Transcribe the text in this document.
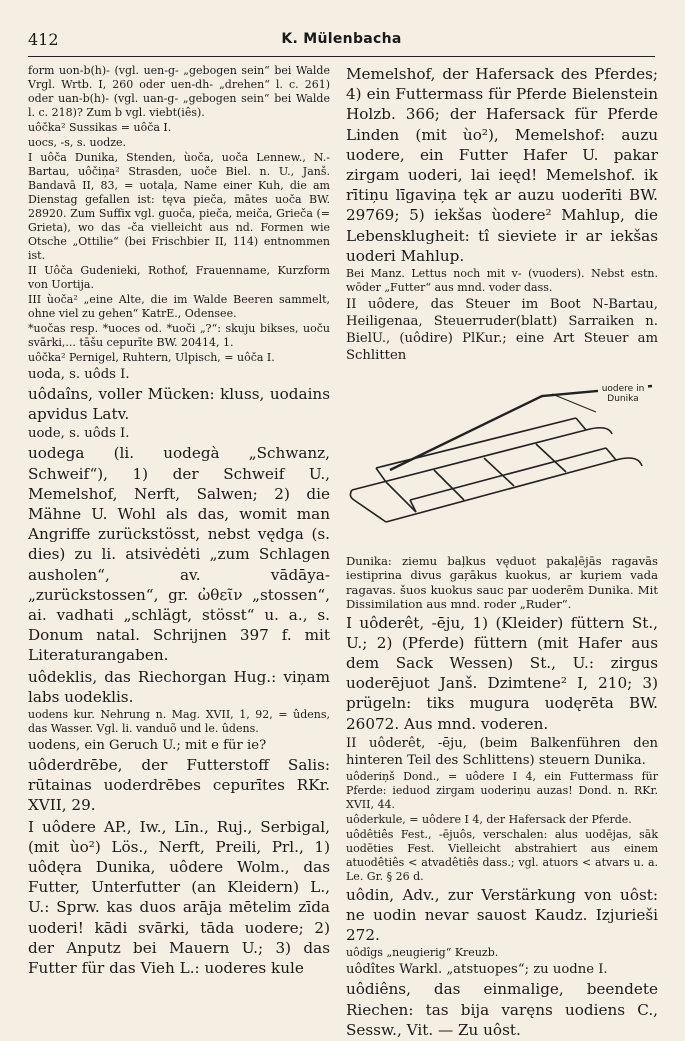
412	K. Mülenbacha

form uon-b(h)- (vgl. uen-g- „gebogen sein“ bei Walde Vrgl. Wrtb. I, 260 oder uen-dh- „drehen“ l. c. 261) oder uan-b(h)- (vgl. uan-g- „gebogen sein“ bei Walde l. c. 218)? Zum b vgl. viebt(iês).

uôčka² Sussikas = uôča I.

uocs, -s, s. uodze.

I uôča Dunika, Stenden, ùoča, uoča Lennew., N.-Bartau, uôčiņa² Strasden, uoče Biel. n. U., Janš. Bandavā II, 83, = uotaļa, Name einer Kuh, die am Dienstag gefallen ist: tęva pieča, mātes uoča BW. 28920. Zum Suffix vgl. guoča, pieča, meiča, Grieča (= Grieta), wo das -ča vielleicht aus nd. Formen wie Otsche „Ottilie“ (bei Frischbier II, 114) entnommen ist.

II Uôča Gudenieki, Rothof, Frauenname, Kurzform von Uortija.

III ùoča² „eine Alte, die im Walde Beeren sammelt, ohne viel zu gehen“ KatrE., Odensee.

*uočas resp. *uoces od. *uoči „?“: skuju bikses, uoču svārki,... tāšu cepurīte BW. 20414, 1.

uôčka² Pernigel, Ruhtern, Ulpisch, = uôča I.

uoda, s. uôds I.

uôdaîns, voller Mücken: kluss, uodains apvidus Latv.

uode, s. uôds I.

uodega (li. uodegà „Schwanz, Schweif“), 1) der Schweif U., Memelshof, Nerft, Salwen; 2) die Mähne U. Wohl als das, womit man Angriffe zurückstösst, nebst vędga (s. dies) zu li. atsivėdėti „zum Schlagen ausholen“, av. vādāya- „zurückstossen“, gr. ὠθεῖν „stossen“, ai. vadhati „schlägt, stösst“ u. a., s. Donum natal. Schrijnen 397 f. mit Literaturangaben.

uôdeklis, das Riechorgan Hug.: viņam labs uodeklis.

uodens kur. Nehrung n. Mag. XVII, 1, 92, = ûdens, das Wasser. Vgl. li. vanduõ und le. ûdens.

uodens, ein Geruch U.; mit e für ie?

uôderdrēbe, der Futterstoff Salis: rūtainas uoderdrēbes cepurītes RKr. XVII, 29.

I uôdere AP., Iw., Līn., Ruj., Serbigal, (mit ùo²) Lös., Nerft, Preili, Prl., 1) uôdęra Dunika, uôdere Wolm., das Futter, Unterfutter (an Kleidern) L., U.: Sprw. kas duos arāja mētelim zīda uoderi! kādi svārki, tāda uodere; 2) der Anputz bei Mauern U.; 3) das Futter für das Vieh L.: uoderes kule

Memelshof, der Hafersack des Pferdes; 4) ein Futtermass für Pferde Bielenstein Holzb. 366; der Hafersack für Pferde Linden (mit ùo²), Memelshof: auzu uodere, ein Futter Hafer U. pakar zirgam uoderi, lai ieęd! Memelshof. ik rītiņu līgaviņa tęk ar auzu uoderīti BW. 29769; 5) iekšas ùodere² Mahlup, die Lebensklugheit: tî sieviete ir ar iekšas uoderi Mahlup.

Bei Manz. Lettus noch mit v- (vuoders). Nebst estn. wōder „Futter“ aus mnd. voder dass.

II uôdere, das Steuer im Boot N-Bartau, Heiligenaa, Steuerruder(blatt) Sarraiken n. BielU., (uôdire) PlKur.; eine Art Steuer am Schlitten

uodere in
Dunika

Dunika: ziemu baļkus vęduot pakaļējās ragavās iestiprina divus gaŗākus kuokus, ar kuŗiem vada ragavas. šuos kuokus sauc par uoderēm Dunika. Mit Dissimilation aus mnd. roder „Ruder“.

I uôderêt, -ēju, 1) (Kleider) füttern St., U.; 2) (Pferde) füttern (mit Hafer aus dem Sack Wessen) St., U.: zirgus uoderējuot Janš. Dzimtene² I, 210; 3) prügeln: tiks mugura uodęrēta BW. 26072. Aus mnd. voderen.

II uôderêt, -ēju, (beim Balkenführen den hinteren Teil des Schlittens) steuern Dunika.

uôderiņš Dond., = uôdere I 4, ein Futtermass für Pferde: ieduod zirgam uoderiņu auzas! Dond. n. RKr. XVII, 44.

uôderkule, = uôdere I 4, der Hafersack der Pferde.

uôdêtiês Fest., -ējuôs, verschalen: alus uodējas, sāk uodēties Fest. Vielleicht abstrahiert aus einem atuodêtiês < atvadêtiês dass.; vgl. atuors < atvars u. a. Le. Gr. § 26 d.

uôdin, Adv., zur Verstärkung von uôst: ne uodin nevar sauost Kaudz. Izjurieši 272.

uôdîgs „neugierig“ Kreuzb.

uôdîtes Warkl. „atstuopes“; zu uodne I.

uôdiêns, das einmalige, beendete Riechen: tas bija varęns uodiens C., Sessw., Vit. — Zu uôst.
